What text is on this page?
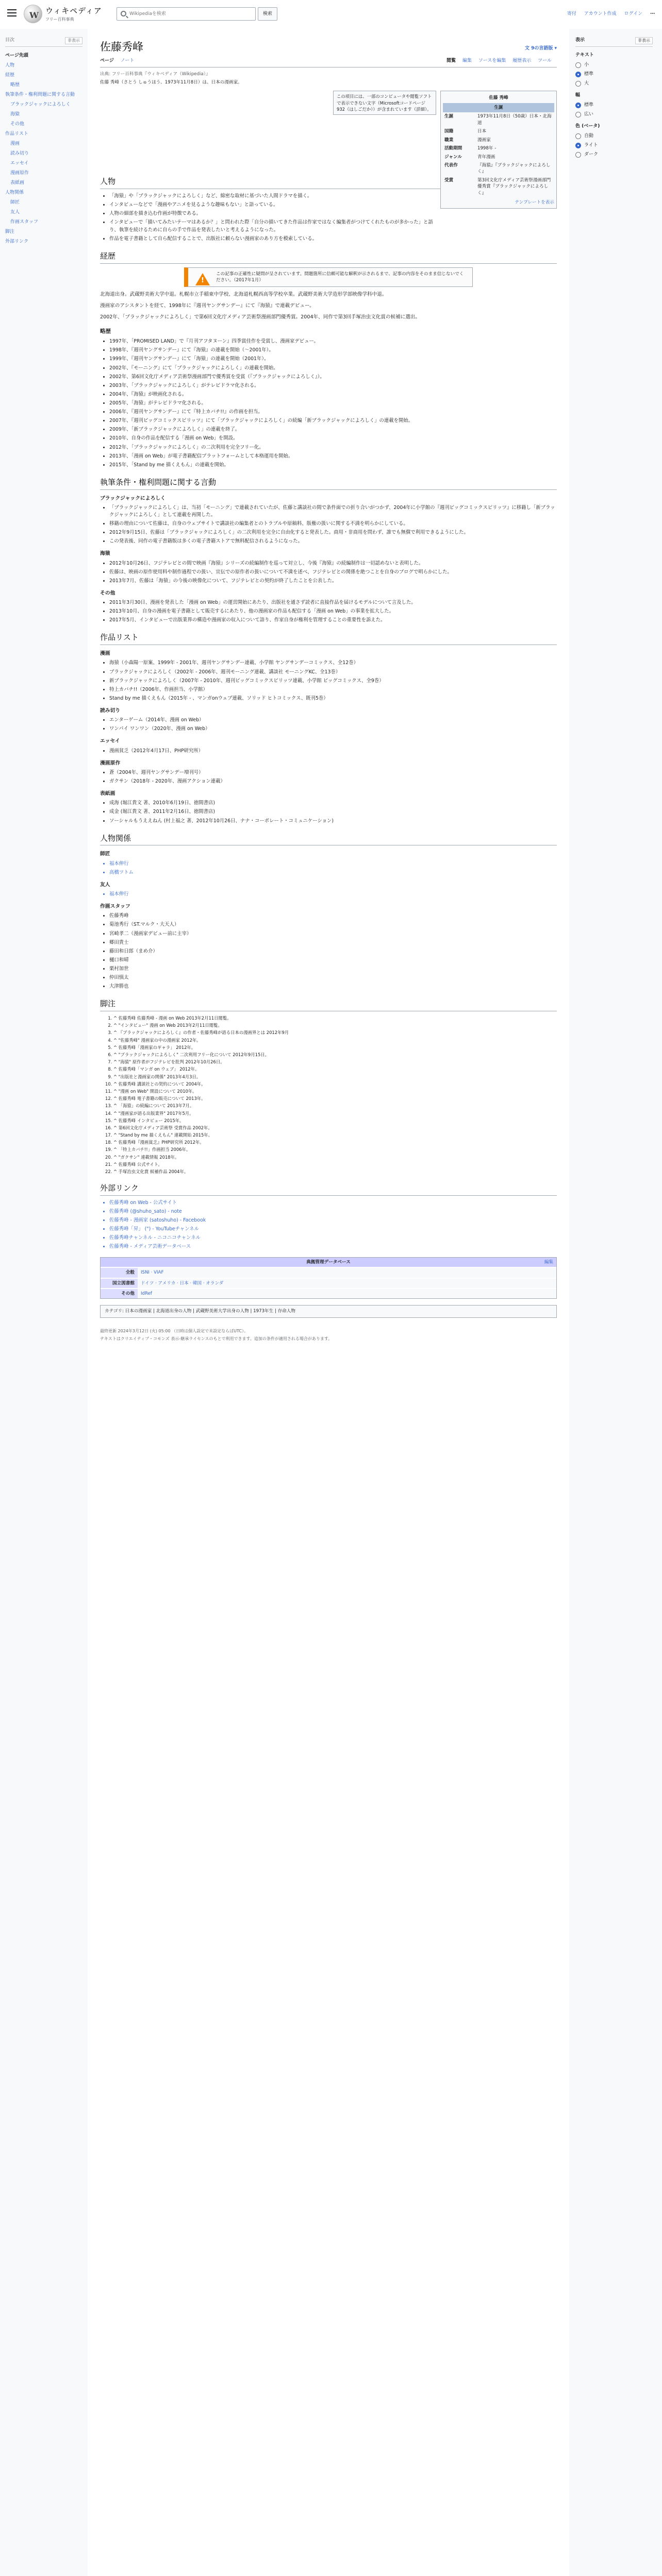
W ウィキペディア
フリー百科事典
Wikipediaを検索
検索	寄付 アカウント作成 ログイン ⋯
目次	非表示
ページ先頭
人物
経歴
略歴
執筆条件・権利問題に関する言動
ブラックジャックによろしく
海猿
その他
作品リスト
漫画
読み切り
エッセイ
漫画原作
表紙画
人物関係
師匠
友人
作画スタッフ
脚注
外部リンク
表示	非表示
テキスト
小
標準
大
幅
標準
広い
色 (ベータ)
自動
ライト
ダーク
佐藤秀峰	文 9の言語版 ▾
ページ ノート	閲覧 編集 ソースを編集 履歴表示 ツール
出典: フリー百科事典『ウィキペディア（Wikipedia）』
佐藤 秀峰（さとう しゅうほう、1973年11月8日）は、日本の漫画家。
この項目には、一部のコンピュータや閲覧ソフトで表示できない文字（Microsoftコードページ932（はしごだか））が含まれています（詳細）。
佐藤 秀峰
生誕
生誕	1973年11月8日（50歳）日本・北海道
国籍	日本
職業	漫画家
活動期間	1998年 -
ジャンル	青年漫画
代表作	『海猿』『ブラックジャックによろしく』
受賞	第3回文化庁メディア芸術祭漫画部門優秀賞『ブラックジャックによろしく』
テンプレートを表示
人物
• 「海猿」や「ブラックジャックによろしく」など、綿密な取材に基づいた人間ドラマを描く。
• インタビューなどで「漫画やアニメを見るような趣味もない」と語っている。
• 人物の細部を描き込む作画が特徴である。
• インタビューで「描いてみたいテーマはあるか？」と問われた際「自分の描いてきた作品は作家ではなく編集者がつけてくれたものが多かった」と語り、執筆を続けるために自らの手で作品を発表したいと考えるようになった。
• 作品を電子書籍として自ら配信することで、出版社に頼らない漫画家のあり方を模索している。
経歴
!
この記事の正確性に疑問が呈されています。問題箇所に信頼可能な解釈が示されるまで、記事の内容をそのまま信じないでください。（2017年1月）

北海道出身。武蔵野美術大学中退。札幌市立手稲東中学校、北海道札幌西高等学校卒業。武蔵野美術大学造形学部映像学科中退。

漫画家のアシスタントを経て、1998年に『週刊ヤングサンデー』にて『海猿』で連載デビュー。

2002年、「ブラックジャックによろしく」で第6回文化庁メディア芸術祭漫画部門優秀賞。2004年、同作で第3回手塚治虫文化賞の候補に選出。

略歴
• 1997年、「PROMISED LAND」で『月刊アフタヌーン』四季賞佳作を受賞し、漫画家デビュー。
• 1998年、『週刊ヤングサンデー』にて『海猿』の連載を開始（〜2001年）。
• 1999年、『週刊ヤングサンデー』にて「海猿」の連載を開始（2001年）。
• 2002年、『モーニング』にて「ブラックジャックによろしく」の連載を開始。
• 2002年、第6回文化庁メディア芸術祭漫画部門で優秀賞を受賞（『ブラックジャックによろしく』）。
• 2003年、「ブラックジャックによろしく」がテレビドラマ化される。
• 2004年、『海猿』が映画化される。
• 2005年、「海猿」がテレビドラマ化される。
• 2006年、『週刊ヤングサンデー』にて『特上カバチ!!』の作画を担当。
• 2007年、『週刊ビッグコミックスピリッツ』にて「ブラックジャックによろしく」の続編「新ブラックジャックによろしく」の連載を開始。
• 2009年、「新ブラックジャックによろしく」の連載を終了。
• 2010年、自身の作品を配信する「漫画 on Web」を開設。
• 2012年、「ブラックジャックによろしく」の二次利用を完全フリー化。
• 2013年、「漫画 on Web」が電子書籍配信プラットフォームとして本格運用を開始。
• 2015年、「Stand by me 描くえもん」の連載を開始。
執筆条件・権利問題に関する言動
ブラックジャックによろしく
• 「ブラックジャックによろしく」は、当初「モーニング」で連載されていたが、佐藤と講談社の間で条件面での折り合いがつかず、2004年に小学館の『週刊ビッグコミックスピリッツ』に移籍し「新ブラックジャックによろしく」として連載を再開した。
• 移籍の理由について佐藤は、自身のウェブサイトで講談社の編集者とのトラブルや原稿料、版権の扱いに関する不満を明らかにしている。
• 2012年9月15日、佐藤は「ブラックジャックによろしく」の二次利用を完全に自由化すると発表した。商用・非商用を問わず、誰でも無償で利用できるようにした。
• この発表後、同作の電子書籍版は多くの電子書籍ストアで無料配信されるようになった。
海猿
• 2012年10月26日、フジテレビとの間で映画『海猿』シリーズの続編制作を巡って対立し、今後『海猿』の続編制作は一切認めないと表明した。
• 佐藤は、映画の原作使用料や制作過程での扱い、宣伝での原作者の扱いについて不満を述べ、フジテレビとの関係を絶つことを自身のブログで明らかにした。
• 2013年7月、佐藤は「海猿」の今後の映像化について、フジテレビとの契約が終了したことを公表した。
その他
• 2011年3月30日、漫画を発表した「漫画 on Web」の運営開始にあたり、出版社を通さず読者に直接作品を届けるモデルについて言及した。
• 2013年10月、自身の漫画を電子書籍として販売するにあたり、他の漫画家の作品も配信する「漫画 on Web」の事業を拡大した。
• 2017年5月、インタビューで出版業界の構造や漫画家の収入について語り、作家自身が権利を管理することの重要性を訴えた。
作品リスト
漫画
• 海猿（小森陽一原案、1999年 - 2001年、週刊ヤングサンデー連載、小学館 ヤングサンデーコミックス、全12巻）
• ブラックジャックによろしく（2002年 - 2006年、週刊モーニング連載、講談社 モーニングKC、全13巻）
• 新ブラックジャックによろしく（2007年 - 2010年、週刊ビッグコミックスピリッツ連載、小学館 ビッグコミックス、全9巻）
• 特上カバチ!!（2006年、作画担当、小学館）
• Stand by me 描くえもん（2015年 - 、マンガonウェブ連載、ソリッド ヒトコミックス、既刊5巻）
読み切り
• エンターゲーム（2014年、漫画 on Web）
• ワンパイ ワンワン（2020年、漫画 on Web）
エッセイ
• 漫画貧乏（2012年4月17日、PHP研究所）
漫画原作
• 蒼（2004年、週刊ヤングサンデー増刊号）
• ガクサン（2018年 - 2020年、漫画アクション連載）
表紙画
• 成海 (堀江貴文 著、2010年6月19日、徳間書店)
• 成金 (堀江貴文 著、2011年2月16日、徳間書店)
• ソーシャルもうええねん (村上福之 著、2012年10月26日、ナナ・コーポレート・コミュニケーション)
人物関係
師匠
• 福本伸行
• 高橋ツトム
友人
• 福本伸行
作画スタッフ
• 佐藤秀峰
• 菊池秀行（ST.マルク・大天人）
• 宮崎孝二（漫画家デビュー前に主宰）
• 郷田貴士
• 藤田和日郎（まめ介）
• 樋口和晴
• 栗村加世
• 仲田慎太
• 大津勝也
脚注
1. ^ 佐藤秀峰 佐藤秀峰 - 漫画 on Web 2013年2月11日閲覧。
2. ^ "インタビュー" 漫画 on Web 2013年2月11日閲覧。
3. ^ 『ブラックジャックによろしく』の作者・佐藤秀峰が語る日本の漫画界とは 2012年9月
4. ^ "佐藤秀峰" 漫画家の中の漫画家 2012年。
5. ^ 佐藤秀峰「漫画家のギャラ」 2012年。
6. ^ "ブラックジャックによろしく" 二次利用フリー化について 2012年9月15日。
7. ^ "海猿" 原作者がフジテレビを批判 2012年10月26日。
8. ^ 佐藤秀峰「マンガ on ウェブ」 2012年。
9. ^ "出版社と漫画家の関係" 2013年4月3日。
10. ^ 佐藤秀峰 講談社との契約について 2004年。
11. ^ "漫画 on Web" 開設について 2010年。
12. ^ 佐藤秀峰 電子書籍の販売について 2013年。
13. ^ 「海猿」の続編について 2013年7月。
14. ^ "漫画家が語る出版業界" 2017年5月。
15. ^ 佐藤秀峰 インタビュー 2015年。
16. ^ 第6回文化庁メディア芸術祭 受賞作品 2002年。
17. ^ "Stand by me 描くえもん" 連載開始 2015年。
18. ^ 佐藤秀峰『漫画貧乏』PHP研究所 2012年。
19. ^ 「特上カバチ!!」作画担当 2006年。
20. ^ "ガクサン" 連載情報 2018年。
21. ^ 佐藤秀峰 公式サイト。
22. ^ 手塚治虫文化賞 候補作品 2004年。
外部リンク
• 佐藤秀峰 on Web - 公式サイト
• 佐藤秀峰 (@shuho_sato) - note
• 佐藤秀峰 - 漫画家 (satoshuho) - Facebook
• 佐藤秀峰「昇」 (") - YouTubeチャンネル
• 佐藤秀峰チャンネル - ニコニコチャンネル
• 佐藤秀峰 - メディア芸術データベース
典拠管理データベース	編集
全般	ISNI · VIAF
国立図書館	ドイツ · アメリカ · 日本 · 韓国 · オランダ
その他	IdRef
カテゴリ: 日本の漫画家 | 北海道出身の人物 | 武蔵野美術大学出身の人物 | 1973年生 | 存命人物
最終更新 2024年3月12日 (火) 05:00 （日時は個人設定で未設定ならばUTC）。
テキストはクリエイティブ・コモンズ 表示-継承ライセンスのもとで利用できます。追加の条件が適用される場合があります。
